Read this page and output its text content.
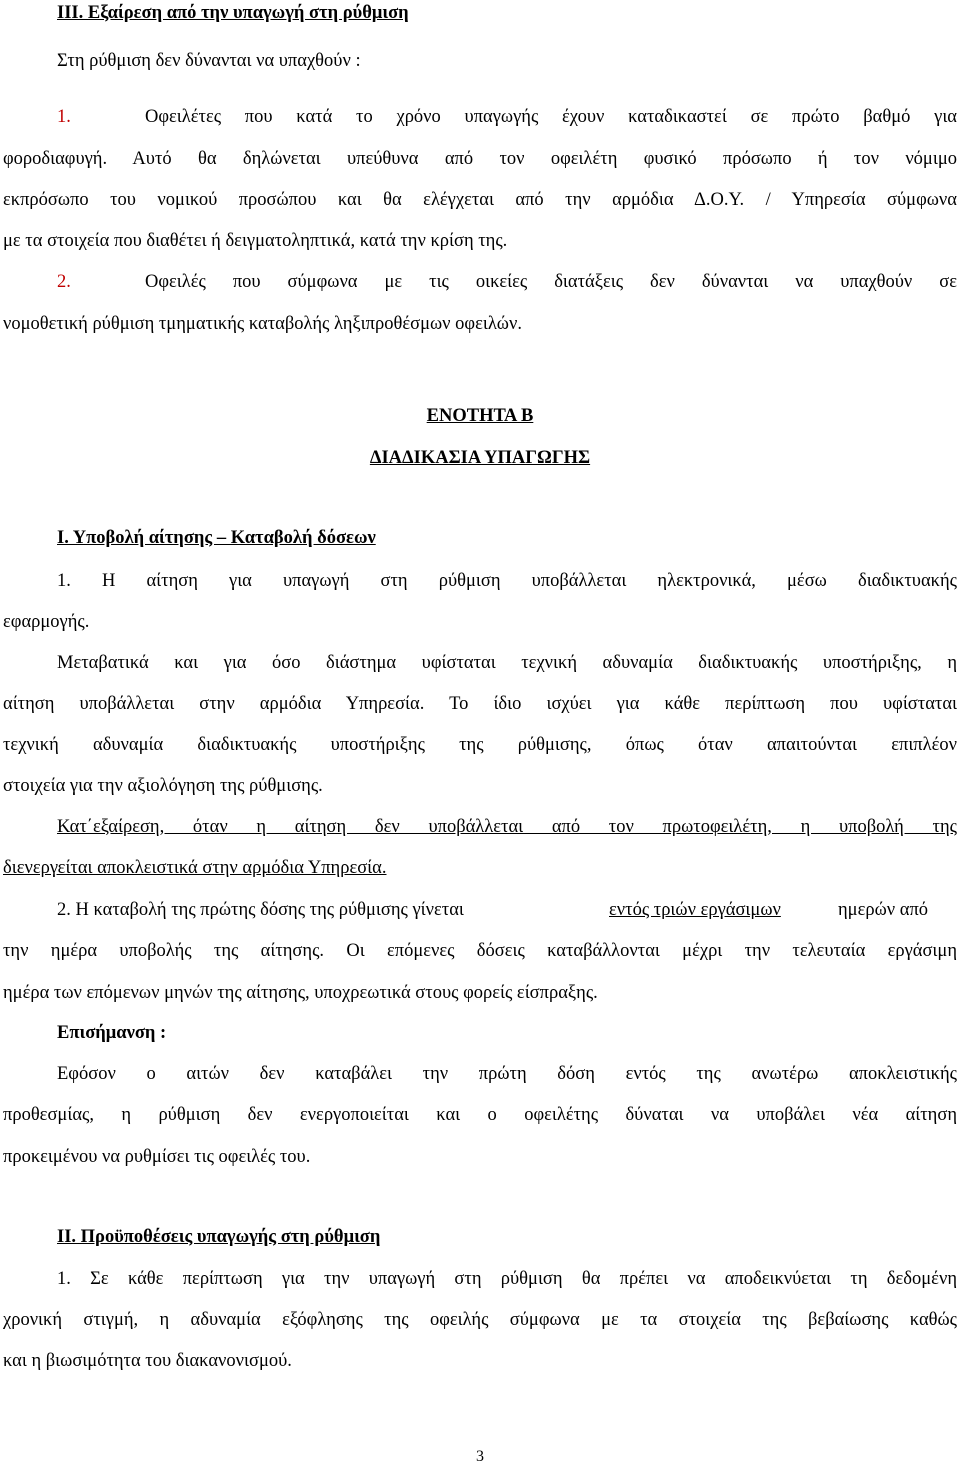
ΙΙΙ. Εξαίρεση από την υπαγωγή στη ρύθμιση
Στη ρύθμιση δεν δύνανται να υπαχθούν :
1.	Οφειλέτες που κατά το χρόνο υπαγωγής έχουν καταδικαστεί σε πρώτο βαθμό για
φοροδιαφυγή. Αυτό θα δηλώνεται υπεύθυνα από τον οφειλέτη φυσικό πρόσωπο ή τον νόμιμο
εκπρόσωπο του νομικού προσώπου και θα ελέγχεται από την αρμόδια Δ.Ο.Υ. / Υπηρεσία σύμφωνα
με τα στοιχεία που διαθέτει ή δειγματοληπτικά, κατά την κρίση της.
2.	Οφειλές που σύμφωνα με τις οικείες διατάξεις δεν δύνανται να υπαχθούν σε
νομοθετική ρύθμιση τμηματικής καταβολής ληξιπροθέσμων οφειλών.
ΕΝΟΤΗΤΑ Β
ΔΙΑΔΙΚΑΣΙΑ ΥΠΑΓΩΓΗΣ
Ι. Υποβολή αίτησης – Καταβολή δόσεων
1. Η αίτηση για υπαγωγή στη ρύθμιση υποβάλλεται ηλεκτρονικά, μέσω διαδικτυακής
εφαρμογής.
Μεταβατικά και για όσο διάστημα υφίσταται τεχνική αδυναμία διαδικτυακής υποστήριξης, η
αίτηση υποβάλλεται στην αρμόδια Υπηρεσία. Το ίδιο ισχύει για κάθε περίπτωση που υφίσταται
τεχνική αδυναμία διαδικτυακής υποστήριξης της ρύθμισης, όπως όταν απαιτούνται επιπλέον
στοιχεία για την αξιολόγηση της ρύθμισης.
Κατ΄εξαίρεση, όταν η αίτηση δεν υποβάλλεται από τον πρωτοφειλέτη, η υποβολή της
διενεργείται αποκλειστικά στην αρμόδια Υπηρεσία.
2. Η καταβολή της πρώτης δόσης της ρύθμισης γίνεται	εντός τριών εργάσιμων	ημερών από
την ημέρα υποβολής της αίτησης. Οι επόμενες δόσεις καταβάλλονται μέχρι την τελευταία εργάσιμη
ημέρα των επόμενων μηνών της αίτησης, υποχρεωτικά στους φορείς είσπραξης.
Επισήμανση :
Εφόσον ο αιτών δεν καταβάλει την πρώτη δόση εντός της ανωτέρω αποκλειστικής
προθεσμίας, η ρύθμιση δεν ενεργοποιείται και ο οφειλέτης δύναται να υποβάλει νέα αίτηση
προκειμένου να ρυθμίσει τις οφειλές του.
ΙΙ. Προϋποθέσεις υπαγωγής στη ρύθμιση
1. Σε κάθε περίπτωση για την υπαγωγή στη ρύθμιση θα πρέπει να αποδεικνύεται τη δεδομένη
χρονική στιγμή, η αδυναμία εξόφλησης της οφειλής σύμφωνα με τα στοιχεία της βεβαίωσης καθώς
και η βιωσιμότητα του διακανονισμού.
3
